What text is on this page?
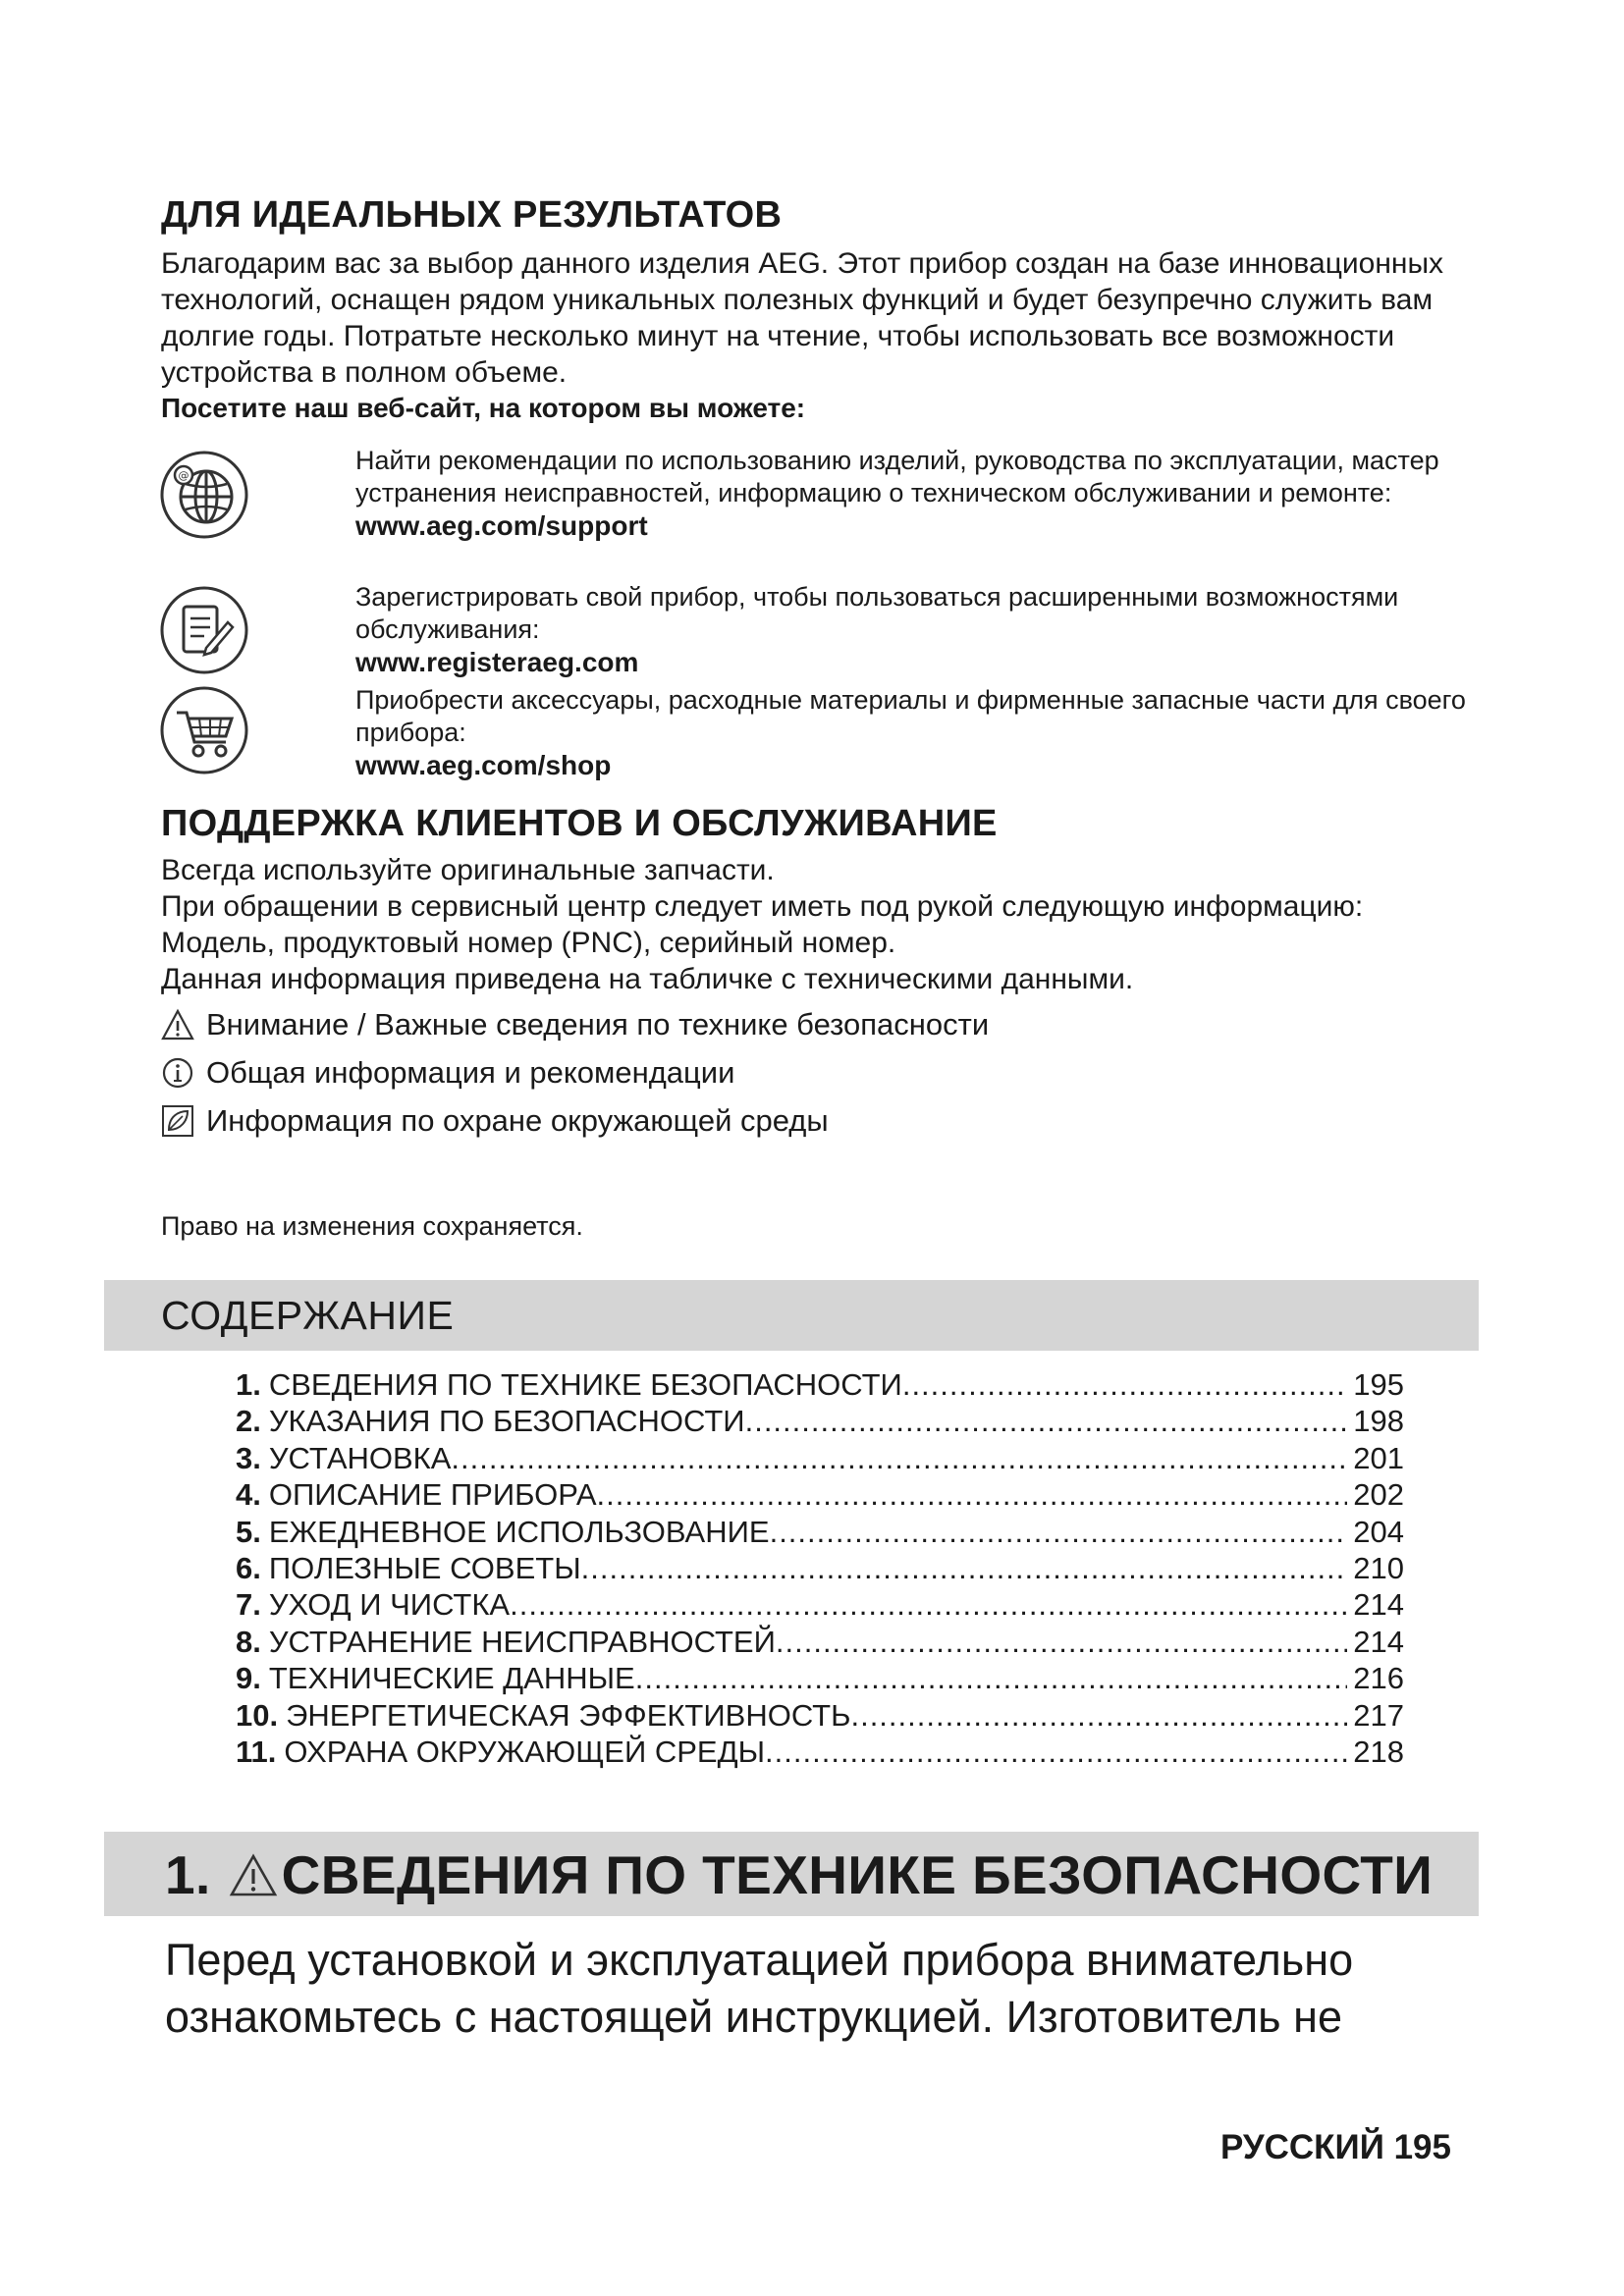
ДЛЯ ИДЕАЛЬНЫХ РЕЗУЛЬТАТОВ
Благодарим вас за выбор данного изделия AEG. Этот прибор создан на базе инновационных технологий, оснащен рядом уникальных полезных функций и будет безупречно служить вам долгие годы. Потратьте несколько минут на чтение, чтобы использовать все возможности устройства в полном объеме.
Посетите наш веб-сайт, на котором вы можете:
@
Найти рекомендации по использованию изделий, руководства по эксплуатации, мастер устранения неисправностей, информацию о техническом обслуживании и ремонте:
www.aeg.com/support
Зарегистрировать свой прибор, чтобы пользоваться расширенными возможностями обслуживания:
www.registeraeg.com
Приобрести аксессуары, расходные материалы и фирменные запасные части для своего прибора:
www.aeg.com/shop
ПОДДЕРЖКА КЛИЕНТОВ И ОБСЛУЖИВАНИЕ

Всегда используйте оригинальные запчасти.

При обращении в сервисный центр следует иметь под рукой следующую информацию: Модель, продуктовый номер (PNC), серийный номер.

Данная информация приведена на табличке с техническими данными.

Внимание / Важные сведения по технике безопасности
Общая информация и рекомендации
Информация по охране окружающей среды
Право на изменения сохраняется.
СОДЕРЖАНИЕ
1. СВЕДЕНИЯ ПО ТЕХНИКЕ БЕЗОПАСНОСТИ .....	195
2. УКАЗАНИЯ ПО БЕЗОПАСНОСТИ .....	198
3. УСТАНОВКА .....	201
4. ОПИСАНИЕ ПРИБОРА .....	202
5. ЕЖЕДНЕВНОЕ ИСПОЛЬЗОВАНИЕ .....	204
6. ПОЛЕЗНЫЕ СОВЕТЫ .....	210
7. УХОД И ЧИСТКА .....	214
8. УСТРАНЕНИЕ НЕИСПРАВНОСТЕЙ .....	214
9. ТЕХНИЧЕСКИЕ ДАННЫЕ .....	216
10. ЭНЕРГЕТИЧЕСКАЯ ЭФФЕКТИВНОСТЬ .....	217
11. ОХРАНА ОКРУЖАЮЩЕЙ СРЕДЫ .....	218
1. СВЕДЕНИЯ ПО ТЕХНИКЕ БЕЗОПАСНОСТИ
Перед установкой и эксплуатацией прибора внимательно ознакомьтесь с настоящей инструкцией. Изготовитель не
РУССКИЙ 195
